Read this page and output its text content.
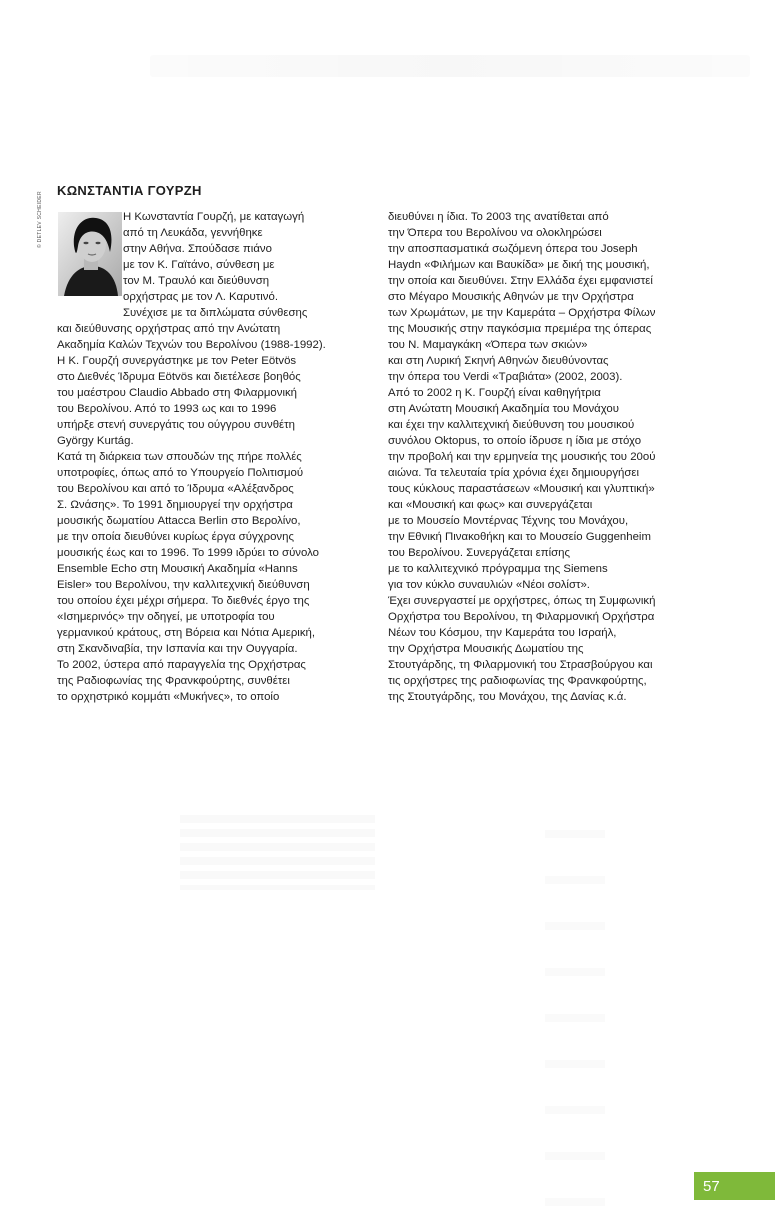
ΚΩΝΣΤΑΝΤΙΑ ΓΟΥΡΖΗ

© DETLEV SCHEIDER	Η Κωνσταντία Γουρζή, με καταγωγή

από τη Λευκάδα, γεννήθηκε

στην Αθήνα. Σπούδασε πιάνο

με τον Κ. Γαϊτάνο, σύνθεση με

τον Μ. Τραυλό και διεύθυνση

ορχήστρας με τον Λ. Καρυτινό.

Συνέχισε με τα διπλώματα σύνθεσης

και διεύθυνσης ορχήστρας από την Ανώτατη

Ακαδημία Καλών Τεχνών του Βερολίνου (1988-1992).

Η Κ. Γουρζή συνεργάστηκε με τον Peter Eötvös

στο Διεθνές Ίδρυμα Eötvös και διετέλεσε βοηθός

του μαέστρου Claudio Abbado στη Φιλαρμονική

του Βερολίνου. Από το 1993 ως και το 1996

υπήρξε στενή συνεργάτις του ούγγρου συνθέτη

György Kurtág.

Κατά τη διάρκεια των σπουδών της πήρε πολλές

υποτροφίες, όπως από το Υπουργείο Πολιτισμού

του Βερολίνου και από το Ίδρυμα «Αλέξανδρος

Σ. Ωνάσης». Το 1991 δημιουργεί την ορχήστρα

μουσικής δωματίου Attacca Berlin στο Βερολίνο,

με την οποία διευθύνει κυρίως έργα σύγχρονης

μουσικής έως και το 1996. Το 1999 ιδρύει το σύνολο

Ensemble Echo στη Μουσική Ακαδημία «Hanns

Eisler» του Βερολίνου, την καλλιτεχνική διεύθυνση

του οποίου έχει μέχρι σήμερα. Το διεθνές έργο της

«Ισημερινός» την οδηγεί, με υποτροφία του

γερμανικού κράτους, στη Βόρεια και Νότια Αμερική,

στη Σκανδιναβία, την Ισπανία και την Ουγγαρία.

Το 2002, ύστερα από παραγγελία της Ορχήστρας

της Ραδιοφωνίας της Φρανκφούρτης, συνθέτει

το ορχηστρικό κομμάτι «Μυκήνες», το οποίο

διευθύνει η ίδια. Το 2003 της ανατίθεται από

την Όπερα του Βερολίνου να ολοκληρώσει

την αποσπασματικά σωζόμενη όπερα του Joseph

Haydn «Φιλήμων και Βαυκίδα» με δική της μουσική,

την οποία και διευθύνει. Στην Ελλάδα έχει εμφανιστεί

στο Μέγαρο Μουσικής Αθηνών με την Ορχήστρα

των Χρωμάτων, με την Καμεράτα – Ορχήστρα Φίλων

της Μουσικής στην παγκόσμια πρεμιέρα της όπερας

του Ν. Μαμαγκάκη «Όπερα των σκιών»

και στη Λυρική Σκηνή Αθηνών διευθύνοντας

την όπερα του Verdi «Τραβιάτα» (2002, 2003).

Από το 2002 η Κ. Γουρζή είναι καθηγήτρια

στη Ανώτατη Μουσική Ακαδημία του Μονάχου

και έχει την καλλιτεχνική διεύθυνση του μουσικού

συνόλου Oktopus, το οποίο ίδρυσε η ίδια με στόχο

την προβολή και την ερμηνεία της μουσικής του 20ού

αιώνα. Τα τελευταία τρία χρόνια έχει δημιουργήσει

τους κύκλους παραστάσεων «Μουσική και γλυπτική»

και «Μουσική και φως» και συνεργάζεται

με το Μουσείο Μοντέρνας Τέχνης του Μονάχου,

την Εθνική Πινακοθήκη και το Μουσείο Guggenheim

του Βερολίνου. Συνεργάζεται επίσης

με το καλλιτεχνικό πρόγραμμα της Siemens

για τον κύκλο συναυλιών «Νέοι σολίστ».

Έχει συνεργαστεί με ορχήστρες, όπως τη Συμφωνική

Ορχήστρα του Βερολίνου, τη Φιλαρμονική Ορχήστρα

Νέων του Κόσμου, την Καμεράτα του Ισραήλ,

την Ορχήστρα Μουσικής Δωματίου της

Στουτγάρδης, τη Φιλαρμονική του Στρασβούργου και

τις ορχήστρες της ραδιοφωνίας της Φρανκφούρτης,

της Στουτγάρδης, του Μονάχου, της Δανίας κ.ά.

57
